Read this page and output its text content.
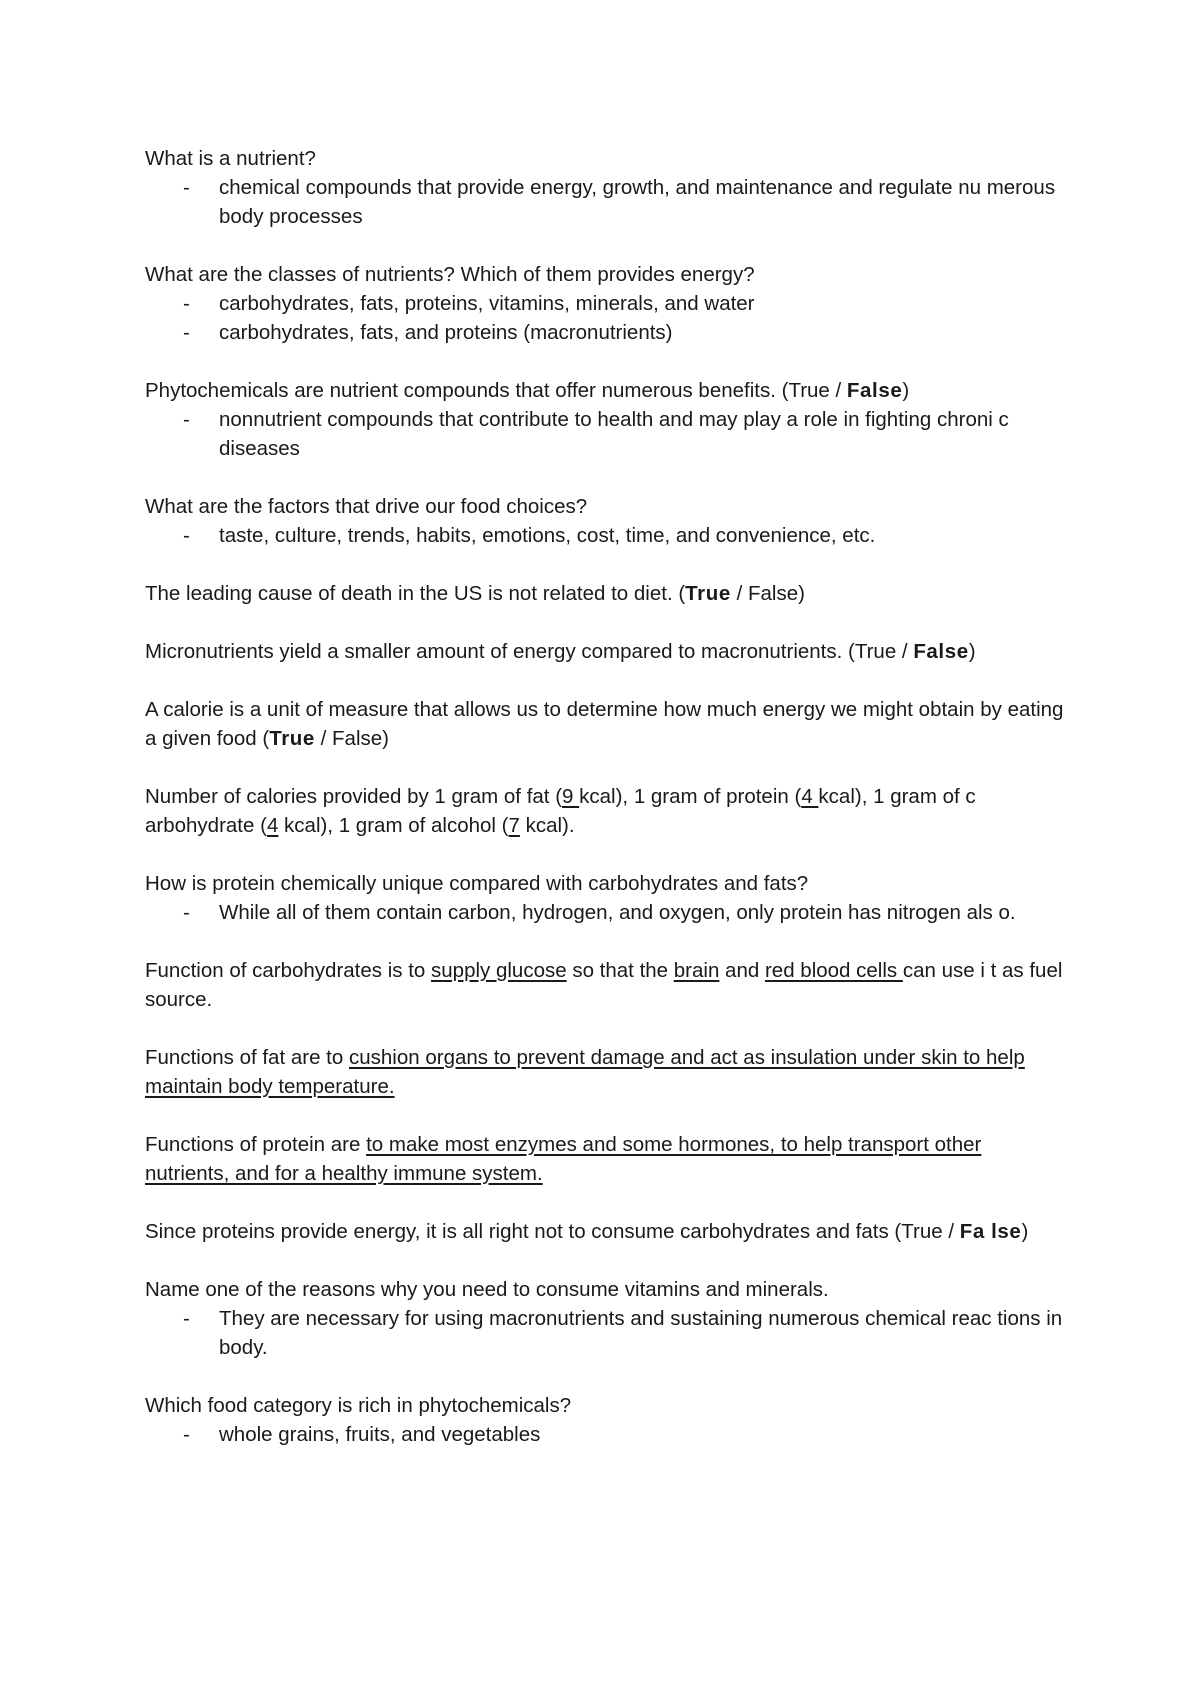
What is a nutrient?

- chemical compounds that provide energy, growth, and maintenance and regulate nu merous body processes

What are the classes of nutrients? Which of them provides energy?

- carbohydrates, fats, proteins, vitamins, minerals, and water
- carbohydrates, fats, and proteins (macronutrients)

Phytochemicals are nutrient compounds that offer numerous benefits. (True / False)

- nonnutrient compounds that contribute to health and may play a role in fighting chroni c diseases

What are the factors that drive our food choices?

- taste, culture, trends, habits, emotions, cost, time, and convenience, etc.

The leading cause of death in the US is not related to diet. (True / False)

Micronutrients yield a smaller amount of energy compared to macronutrients. (True / False)

A calorie is a unit of measure that allows us to determine how much energy we might obtain by eating a given food (True / False)

Number of calories provided by 1 gram of fat (9 kcal), 1 gram of protein (4 kcal), 1 gram of c arbohydrate (4 kcal), 1 gram of alcohol (7 kcal).

How is protein chemically unique compared with carbohydrates and fats?

- While all of them contain carbon, hydrogen, and oxygen, only protein has nitrogen als o.

Function of carbohydrates is to supply glucose so that the brain and red blood cells can use i t as fuel source.

Functions of fat are to cushion organs to prevent damage and act as insulation under skin to help maintain body temperature.

Functions of protein are to make most enzymes and some hormones, to help transport other nutrients, and for a healthy immune system.

Since proteins provide energy, it is all right not to consume carbohydrates and fats (True / Fa lse)

Name one of the reasons why you need to consume vitamins and minerals.

- They are necessary for using macronutrients and sustaining numerous chemical reac tions in body.

Which food category is rich in phytochemicals?

- whole grains, fruits, and vegetables
